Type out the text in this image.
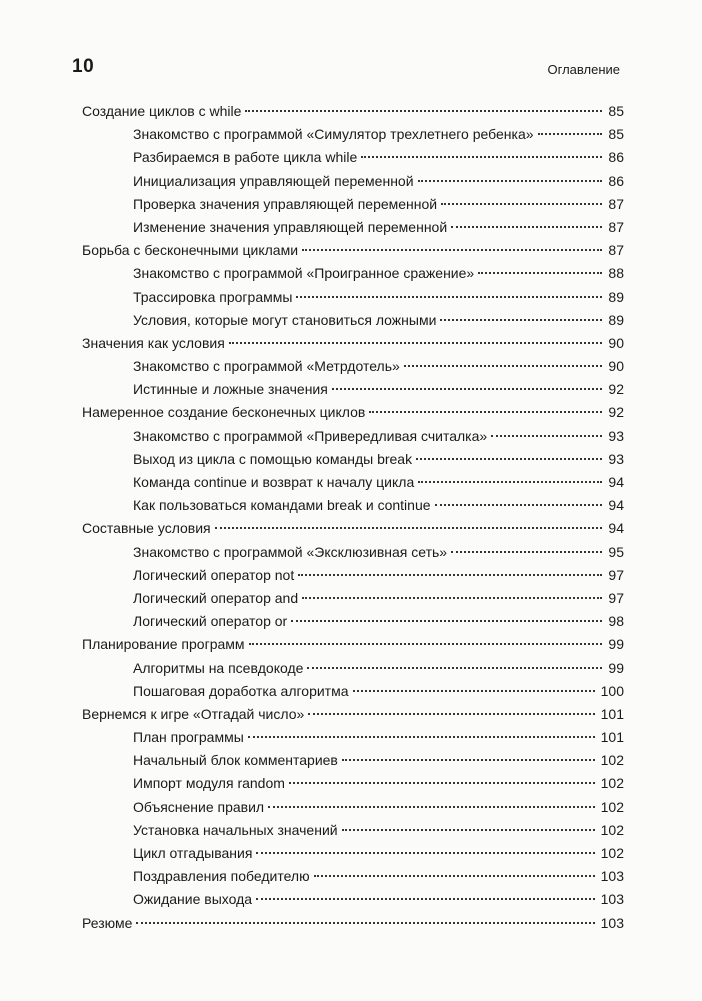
10	Оглавление
Создание циклов с while	85
Знакомство с программой «Симулятор трехлетнего ребенка»	85
Разбираемся в работе цикла while	86
Инициализация управляющей переменной	86
Проверка значения управляющей переменной	87
Изменение значения управляющей переменной	87
Борьба с бесконечными циклами	87
Знакомство с программой «Проигранное сражение»	88
Трассировка программы	89
Условия, которые могут становиться ложными	89
Значения как условия	90
Знакомство с программой «Метрдотель»	90
Истинные и ложные значения	92
Намеренное создание бесконечных циклов	92
Знакомство с программой «Привередливая считалка»	93
Выход из цикла с помощью команды break	93
Команда continue и возврат к началу цикла	94
Как пользоваться командами break и continue	94
Составные условия	94
Знакомство с программой «Эксклюзивная сеть»	95
Логический оператор not	97
Логический оператор and	97
Логический оператор or	98
Планирование программ	99
Алгоритмы на псевдокоде	99
Пошаговая доработка алгоритма	100
Вернемся к игре «Отгадай число»	101
План программы	101
Начальный блок комментариев	102
Импорт модуля random	102
Объяснение правил	102
Установка начальных значений	102
Цикл отгадывания	102
Поздравления победителю	103
Ожидание выхода	103
Резюме	103
